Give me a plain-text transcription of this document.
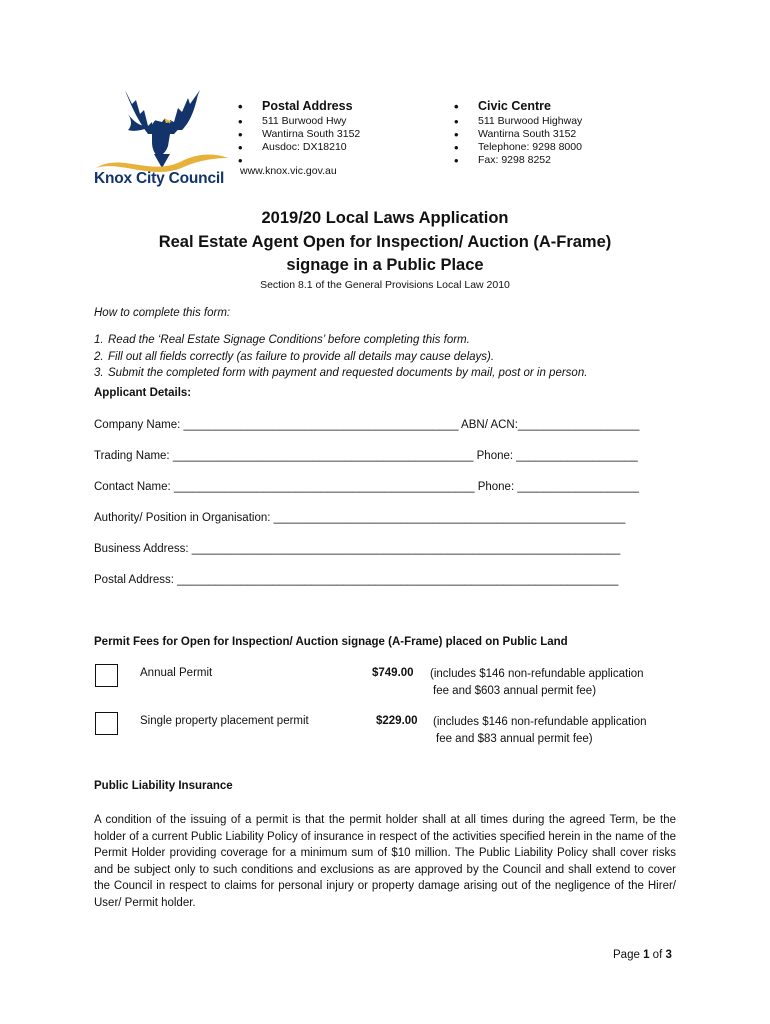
Knox City Council
• Postal Address
• 511 Burwood Hwy
• Wantirna South 3152
• Ausdoc: DX18210
•
www.knox.vic.gov.au
• Civic Centre
• 511 Burwood Highway
• Wantirna South 3152
• Telephone: 9298 8000
• Fax: 9298 8252
2019/20 Local Laws Application
Real Estate Agent Open for Inspection/ Auction (A-Frame)
signage in a Public Place
Section 8.1 of the General Provisions Local Law 2010
How to complete this form:
1. Read the ‘Real Estate Signage Conditions’ before completing this form.
2. Fill out all fields correctly (as failure to provide all details may cause delays).
3. Submit the completed form with payment and requested documents by mail, post or in person.
Applicant Details:
Company Name: ___________________________________________ ABN/ ACN:___________________
Trading Name: _______________________________________________ Phone: ___________________
Contact Name: _______________________________________________ Phone: ___________________
Authority/ Position in Organisation: _______________________________________________________
Business Address: ___________________________________________________________________
Postal Address: _____________________________________________________________________
Permit Fees for Open for Inspection/ Auction signage (A-Frame) placed on Public Land
Annual Permit	$749.00 (includes $146 non-refundable application
fee and $603 annual permit fee)
Single property placement permit	$229.00 (includes $146 non-refundable application
fee and $83 annual permit fee)
Public Liability Insurance
A condition of the issuing of a permit is that the permit holder shall at all times during the agreed Term, be the holder of a current Public Liability Policy of insurance in respect of the activities specified herein in the name of the Permit Holder providing coverage for a minimum sum of $10 million. The Public Liability Policy shall cover risks and be subject only to such conditions and exclusions as are approved by the Council and shall extend to cover the Council in respect to claims for personal injury or property damage arising out of the negligence of the Hirer/ User/ Permit holder.
Page 1 of 3
